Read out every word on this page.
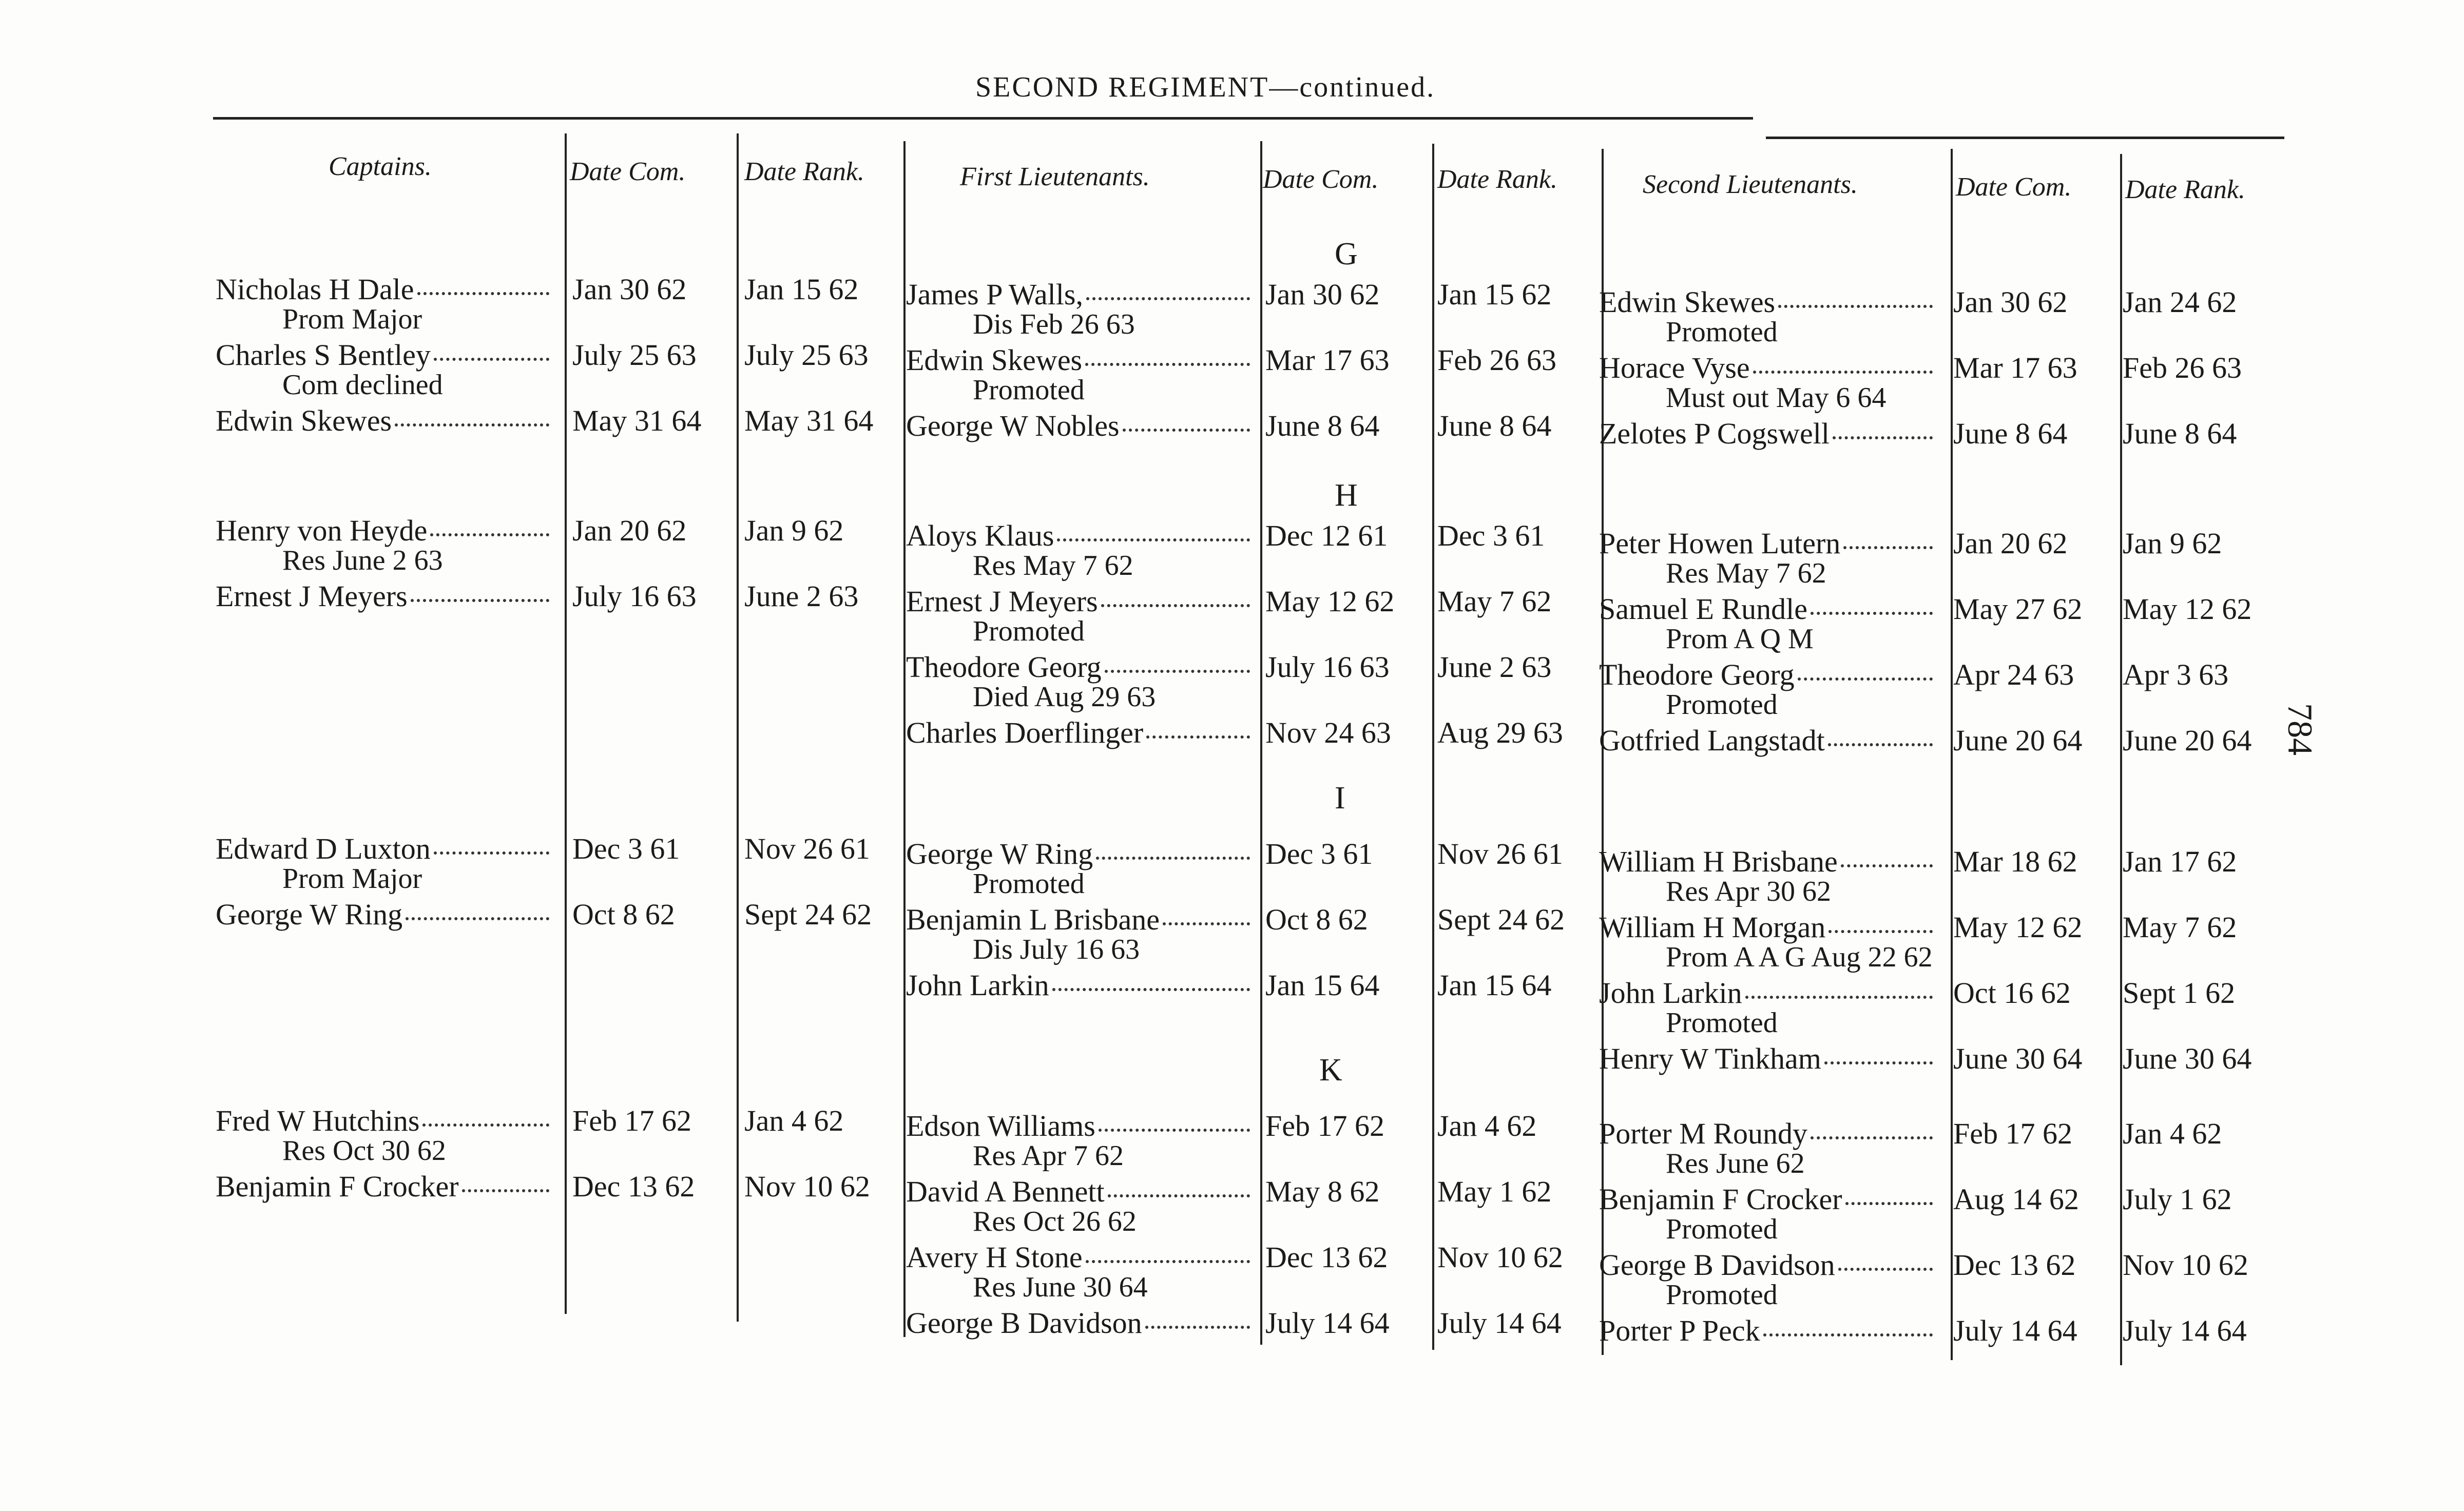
SECOND REGIMENT—continued.
784
Captains.	Date Com. Date Rank.	First Lieutenants.	Date Com. Date Rank.	Second Lieutenants.	Date Com. Date Rank.
G
Nicholas H Dale	Jan 30 62 Jan 15 62
Prom Major
Charles S Bentley	July 25 63 July 25 63
Com declined
Edwin Skewes	May 31 64 May 31 64
James P Walls,	Jan 30 62 Jan 15 62
Dis Feb 26 63
Edwin Skewes	Mar 17 63 Feb 26 63
Promoted
George W Nobles	June 8 64 June 8 64
Edwin Skewes	Jan 30 62 Jan 24 62
Promoted
Horace Vyse	Mar 17 63 Feb 26 63
Must out May 6 64
Zelotes P Cogswell	June 8 64 June 8 64
H
Henry von Heyde	Jan 20 62 Jan 9 62
Res June 2 63
Ernest J Meyers	July 16 63 June 2 63
Aloys Klaus	Dec 12 61 Dec 3 61
Res May 7 62
Ernest J Meyers	May 12 62 May 7 62
Promoted
Theodore Georg	July 16 63 June 2 63
Died Aug 29 63
Charles Doerflinger	Nov 24 63 Aug 29 63
Peter Howen Lutern	Jan 20 62 Jan 9 62
Res May 7 62
Samuel E Rundle	May 27 62 May 12 62
Prom A Q M
Theodore Georg	Apr 24 63 Apr 3 63
Promoted
Gotfried Langstadt	June 20 64 June 20 64
I
Edward D Luxton	Dec 3 61 Nov 26 61
Prom Major
George W Ring	Oct 8 62 Sept 24 62
George W Ring	Dec 3 61 Nov 26 61
Promoted
Benjamin L Brisbane	Oct 8 62 Sept 24 62
Dis July 16 63
John Larkin	Jan 15 64 Jan 15 64
William H Brisbane	Mar 18 62 Jan 17 62
Res Apr 30 62
William H Morgan	May 12 62 May 7 62
Prom A A G Aug 22 62
John Larkin	Oct 16 62 Sept 1 62
Promoted
Henry W Tinkham	June 30 64 June 30 64
K
Fred W Hutchins	Feb 17 62 Jan 4 62
Res Oct 30 62
Benjamin F Crocker	Dec 13 62 Nov 10 62
Edson Williams	Feb 17 62 Jan 4 62
Res Apr 7 62
David A Bennett	May 8 62 May 1 62
Res Oct 26 62
Avery H Stone	Dec 13 62 Nov 10 62
Res June 30 64
George B Davidson	July 14 64 July 14 64
Porter M Roundy	Feb 17 62 Jan 4 62
Res June 62
Benjamin F Crocker	Aug 14 62 July 1 62
Promoted
George B Davidson	Dec 13 62 Nov 10 62
Promoted
Porter P Peck	July 14 64 July 14 64
